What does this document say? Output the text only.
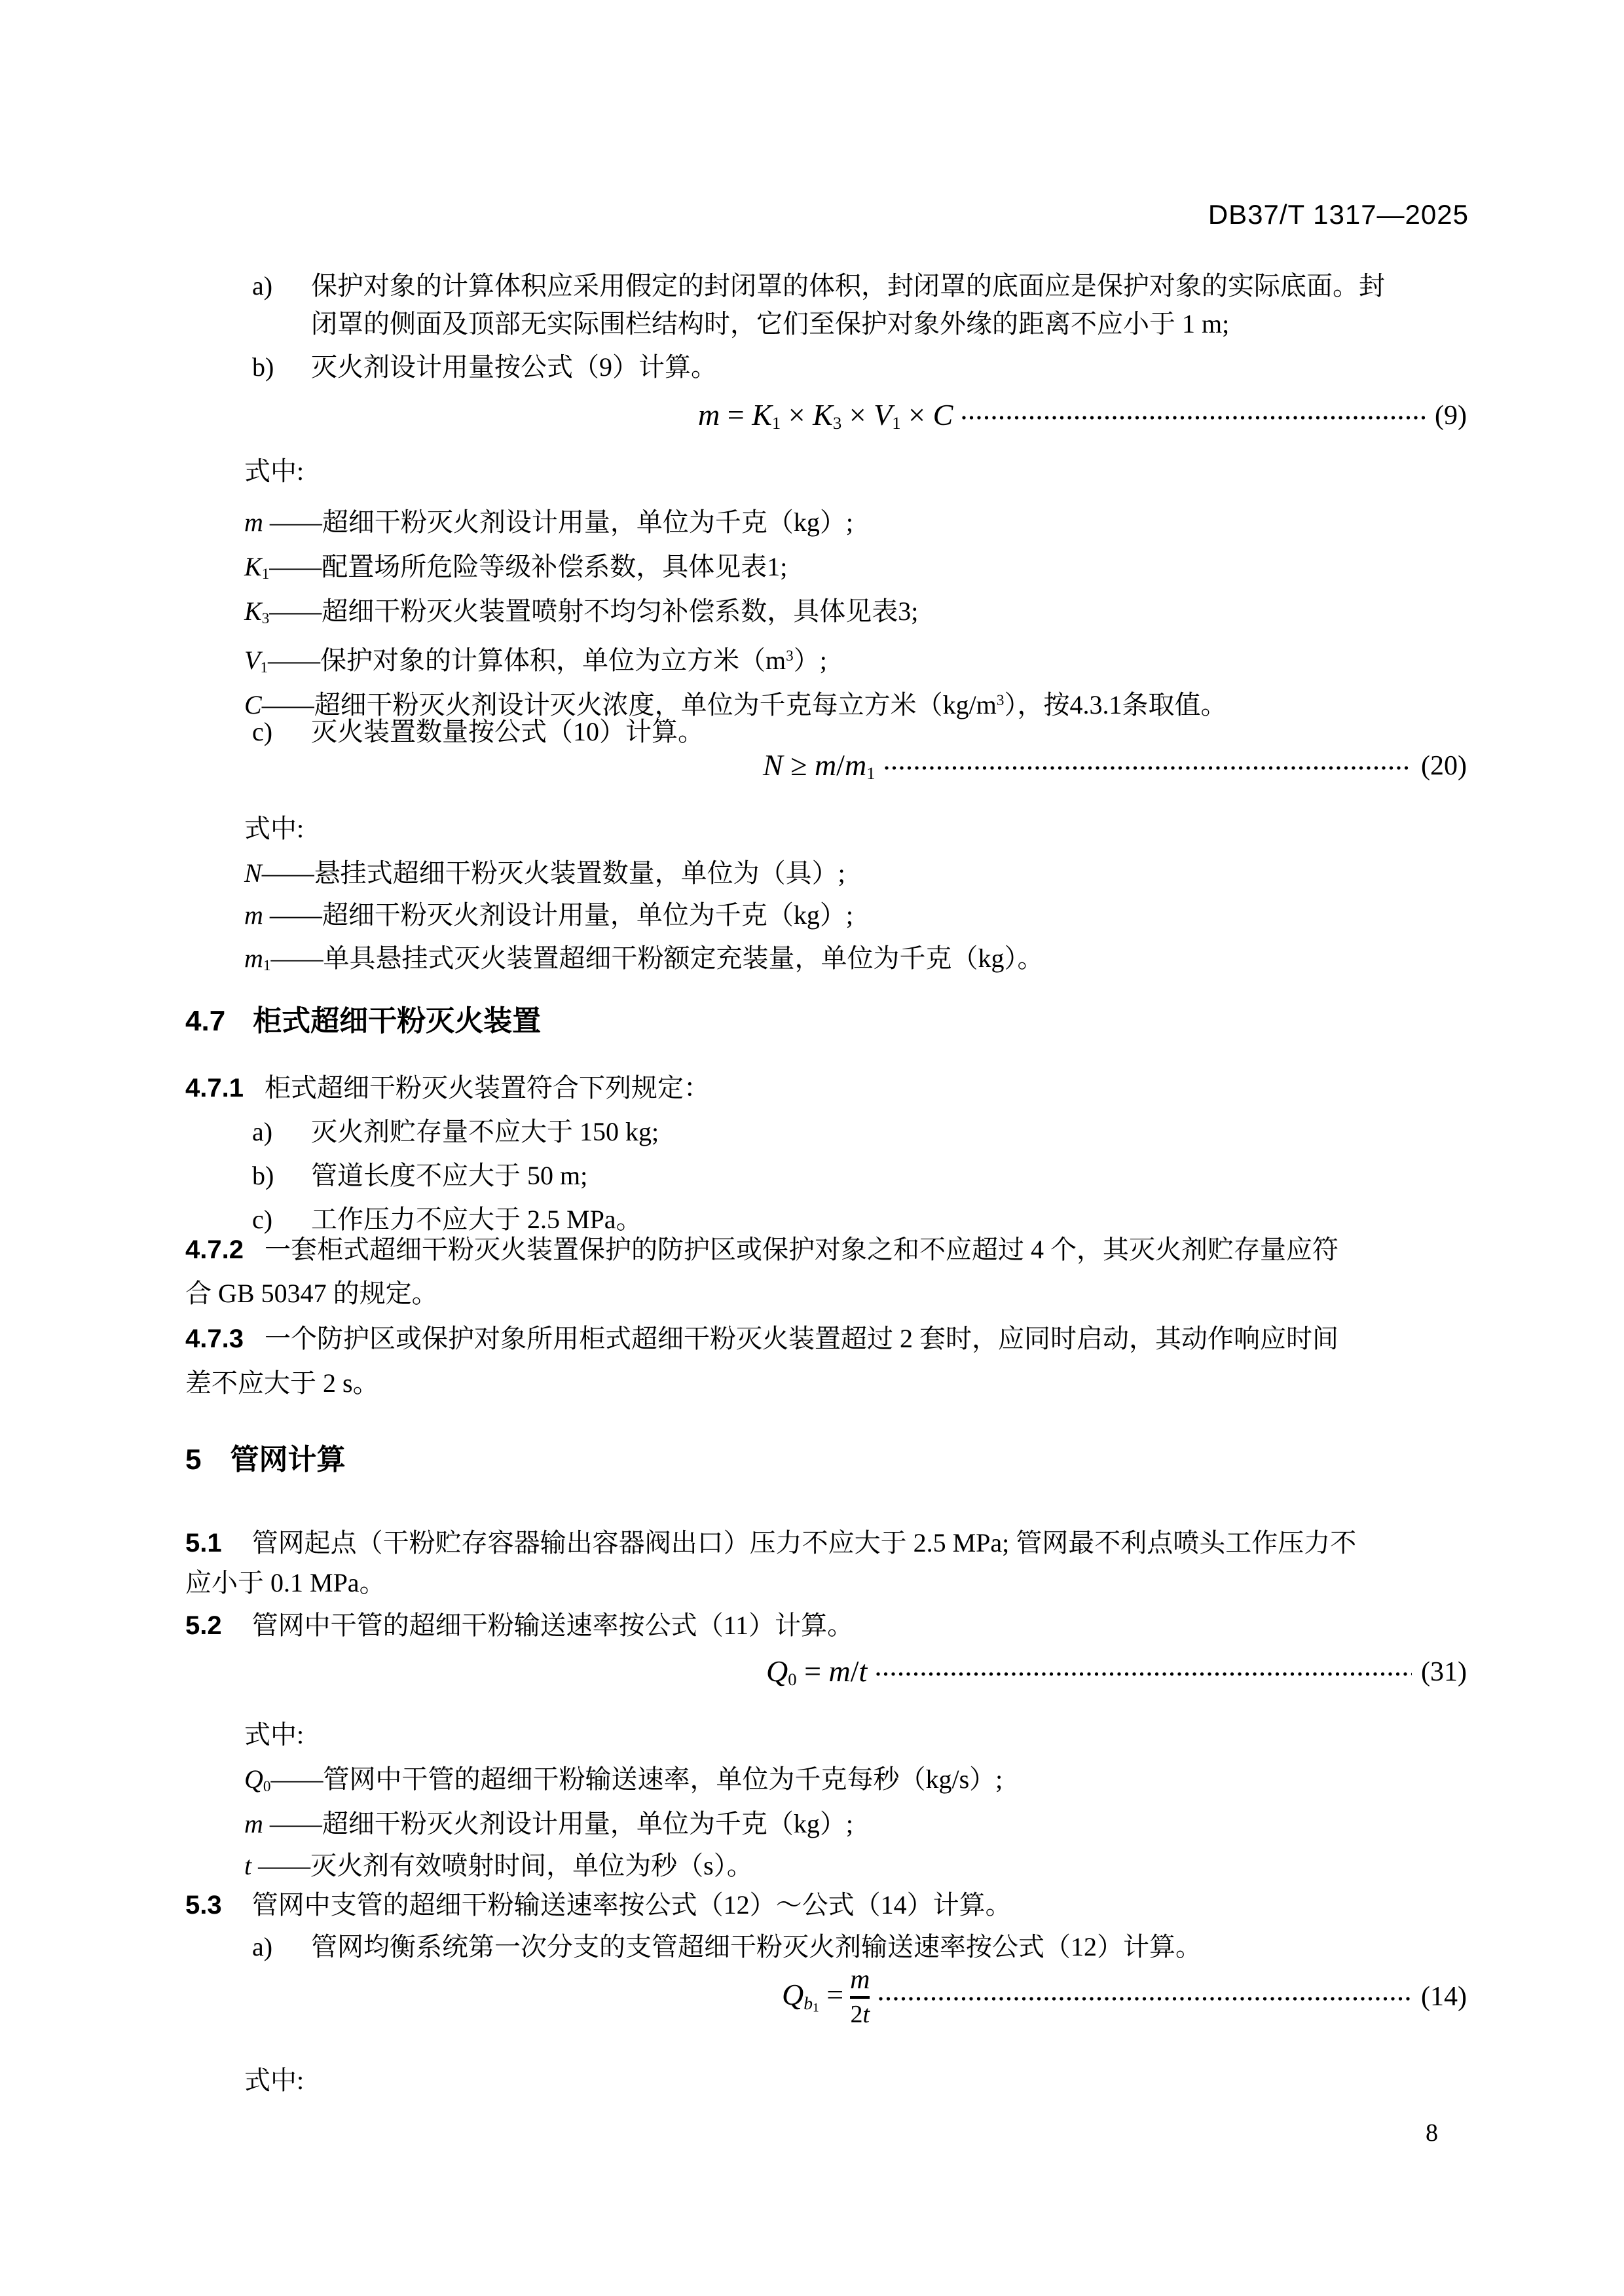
DB37/T 1317—2025
a) 保护对象的计算体积应采用假定的封闭罩的体积，封闭罩的底面应是保护对象的实际底面。封
闭罩的侧面及顶部无实际围栏结构时，它们至保护对象外缘的距离不应小于 1 m;
b) 灭火剂设计用量按公式（9）计算。
m = K1 × K3 × V1 × C	(9)
式中:
m ——超细干粉灭火剂设计用量，单位为千克（kg）;
K1——配置场所危险等级补偿系数，具体见表1;
K3——超细干粉灭火装置喷射不均匀补偿系数，具体见表3;
V1——保护对象的计算体积，单位为立方米$(m^3)$;
C——超细干粉灭火剂设计灭火浓度，单位为千克每立方米$(kg/m^3)$，按4.3.1条取值。
c) 灭火装置数量按公式（10）计算。
N ≥ m/m1	(20)
式中:
N——悬挂式超细干粉灭火装置数量，单位为（具）;
m ——超细干粉灭火剂设计用量，单位为千克（kg）;
m1——单具悬挂式灭火装置超细干粉额定充装量，单位为千克（kg）。
4.7 柜式超细干粉灭火装置
4.7.1 柜式超细干粉灭火装置符合下列规定：
a) 灭火剂贮存量不应大于 150 kg;
b) 管道长度不应大于 50 m;
c) 工作压力不应大于 2.5 MPa。
4.7.2 一套柜式超细干粉灭火装置保护的防护区或保护对象之和不应超过 4 个，其灭火剂贮存量应符
合 GB 50347 的规定。
4.7.3 一个防护区或保护对象所用柜式超细干粉灭火装置超过 2 套时，应同时启动，其动作响应时间
差不应大于 2 s。
5 管网计算
5.1 管网起点（干粉贮存容器输出容器阀出口）压力不应大于 2.5 MPa; 管网最不利点喷头工作压力不
应小于 0.1 MPa。
5.2 管网中干管的超细干粉输送速率按公式（11）计算。
Q0 = m/t	(31)
式中:
Q0——管网中干管的超细干粉输送速率，单位为千克每秒（kg/s）;
m ——超细干粉灭火剂设计用量，单位为千克（kg）;
t ——灭火剂有效喷射时间，单位为秒（s）。
5.3 管网中支管的超细干粉输送速率按公式（12）～公式（14）计算。
a) 管网均衡系统第一次分支的支管超细干粉灭火剂输送速率按公式（12）计算。
$Qb_1 = \frac{m}{2t}$	(14)
式中:
8
